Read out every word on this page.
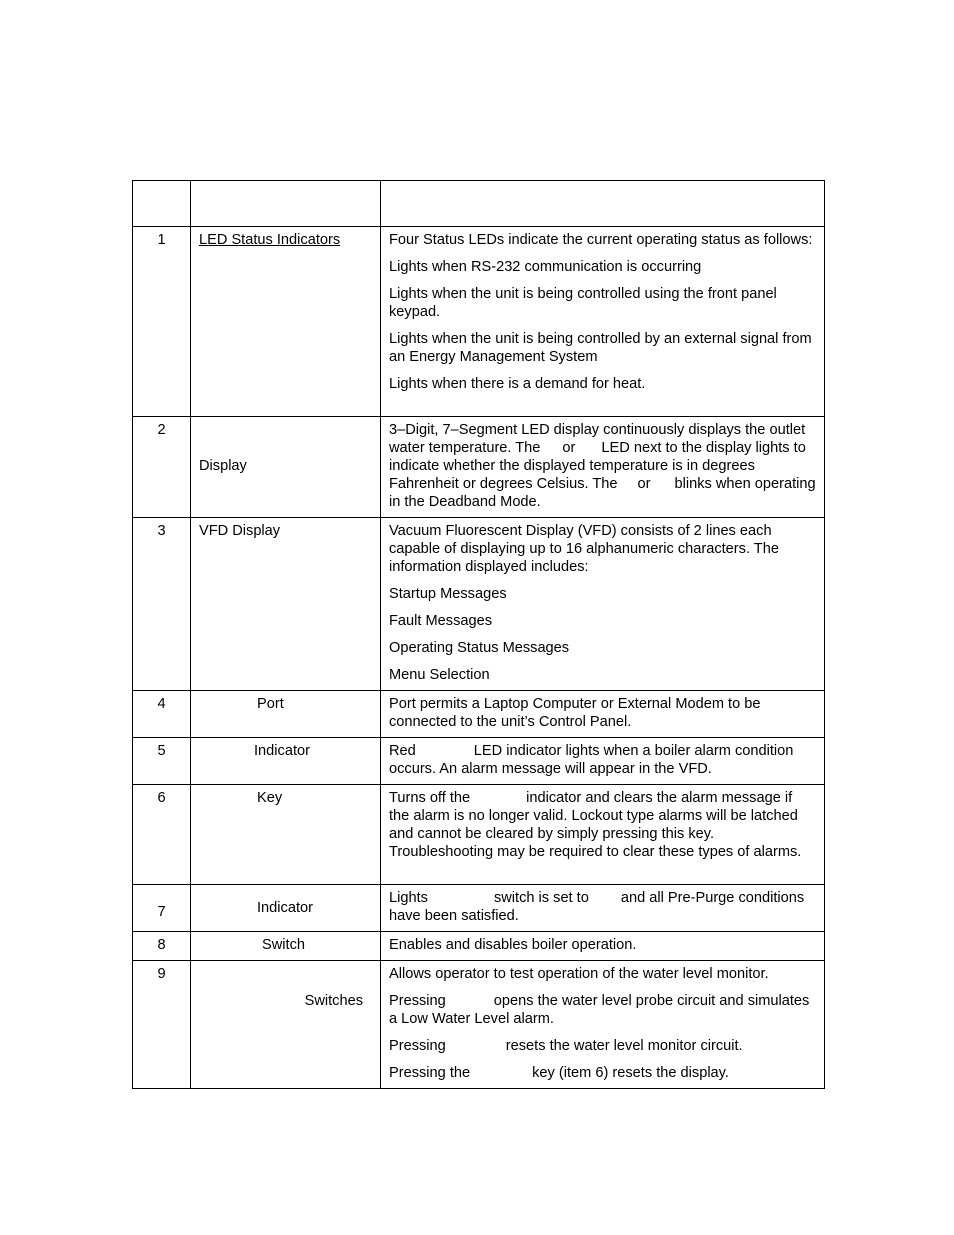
1	LED Status Indicators	Four Status LEDs indicate the current operating status as follows:

Lights when RS-232 communication is occurring

Lights when the unit is being controlled using the front panel keypad.

Lights when the unit is being controlled by an external signal from an Energy Management System

Lights when there is a demand for heat.

2	Display	3–Digit, 7–Segment LED display continuously displays the outlet water temperature. The or LED next to the display lights to indicate whether the displayed temperature is in degrees Fahrenheit or degrees Celsius. The or blinks when operating in the Deadband Mode.

3	VFD Display	Vacuum Fluorescent Display (VFD) consists of 2 lines each capable of displaying up to 16 alphanumeric characters. The information displayed includes:

Startup Messages

Fault Messages

Operating Status Messages

Menu Selection

4	Port	Port permits a Laptop Computer or External Modem to be connected to the unit’s Control Panel.

5	Indicator	Red LED indicator lights when a boiler alarm condition occurs. An alarm message will appear in the VFD.

6	Key	Turns off the indicator and clears the alarm message if the alarm is no longer valid. Lockout type alarms will be latched and cannot be cleared by simply pressing this key. Troubleshooting may be required to clear these types of alarms.

7	Indicator	Lights switch is set to and all Pre-Purge conditions have been satisfied.

8	Switch	Enables and disables boiler operation.

9	Switches	Allows operator to test operation of the water level monitor.

Pressing opens the water level probe circuit and simulates a Low Water Level alarm.

Pressing resets the water level monitor circuit.

Pressing the key (item 6) resets the display.
